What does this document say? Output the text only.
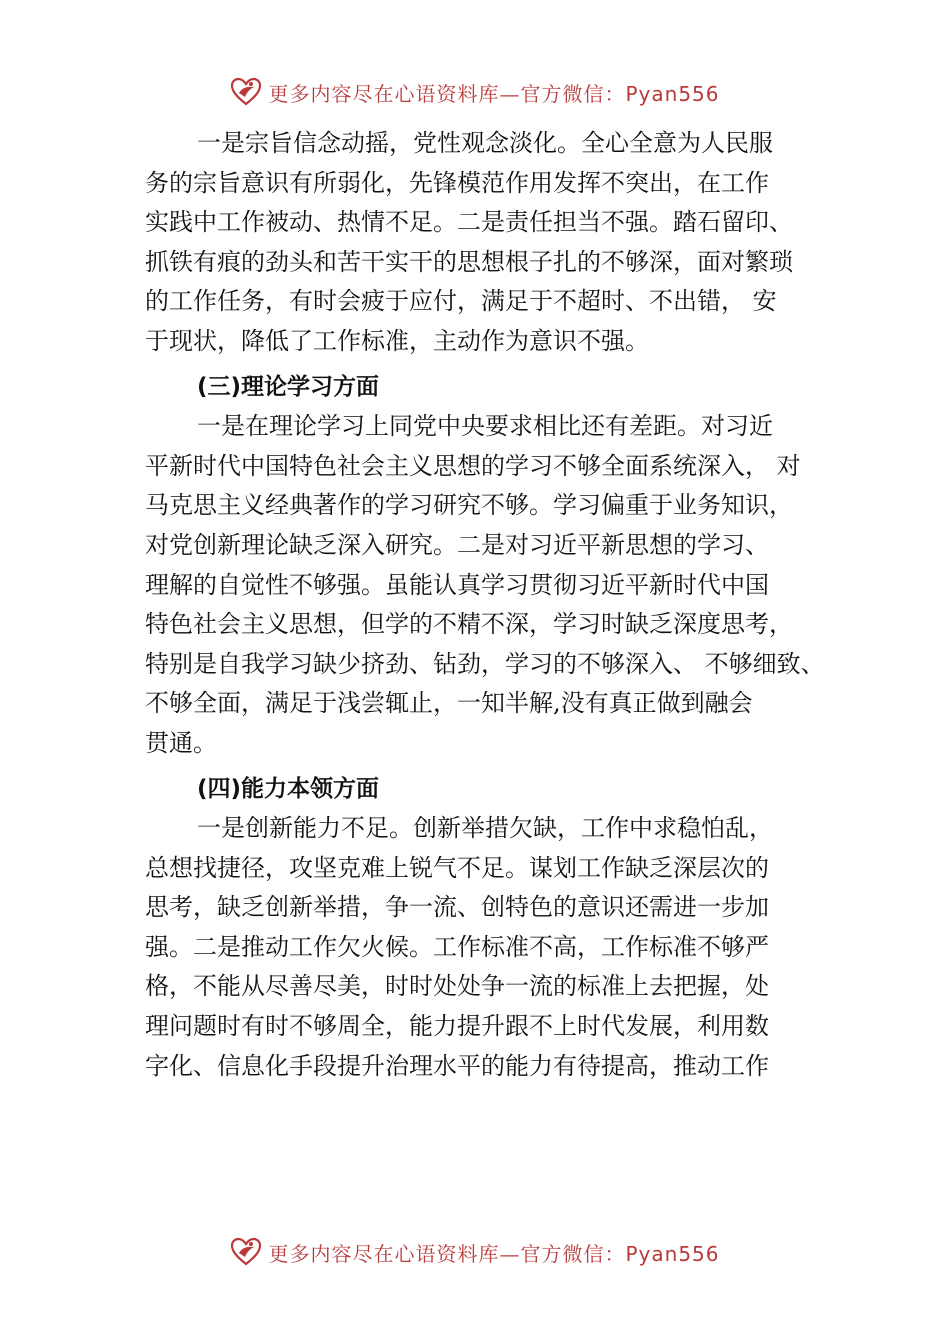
更多内容尽在心语资料库—官方微信：Pyan556

一是宗旨信念动摇，党性观念淡化。全心全意为人民服
务的宗旨意识有所弱化，先锋模范作用发挥不突出，在工作
实践中工作被动、热情不足。二是责任担当不强。踏石留印、
抓铁有痕的劲头和苦干实干的思想根子扎的不够深，面对繁琐
的工作任务，有时会疲于应付，满足于不超时、不出错， 安
于现状，降低了工作标准，主动作为意识不强。

(三)理论学习方面

一是在理论学习上同党中央要求相比还有差距。对习近
平新时代中国特色社会主义思想的学习不够全面系统深入， 对
马克思主义经典著作的学习研究不够。学习偏重于业务知识，
对党创新理论缺乏深入研究。二是对习近平新思想的学习、
理解的自觉性不够强。虽能认真学习贯彻习近平新时代中国
特色社会主义思想，但学的不精不深，学习时缺乏深度思考，
特别是自我学习缺少挤劲、钻劲，学习的不够深入、 不够细致、
不够全面，满足于浅尝辄止，一知半解,没有真正做到融会
贯通。

(四)能力本领方面

一是创新能力不足。创新举措欠缺，工作中求稳怕乱，
总想找捷径，攻坚克难上锐气不足。谋划工作缺乏深层次的
思考，缺乏创新举措，争一流、创特色的意识还需进一步加
强。二是推动工作欠火候。工作标准不高，工作标准不够严
格，不能从尽善尽美，时时处处争一流的标准上去把握，处
理问题时有时不够周全，能力提升跟不上时代发展，利用数
字化、信息化手段提升治理水平的能力有待提高，推动工作

更多内容尽在心语资料库—官方微信：Pyan556
